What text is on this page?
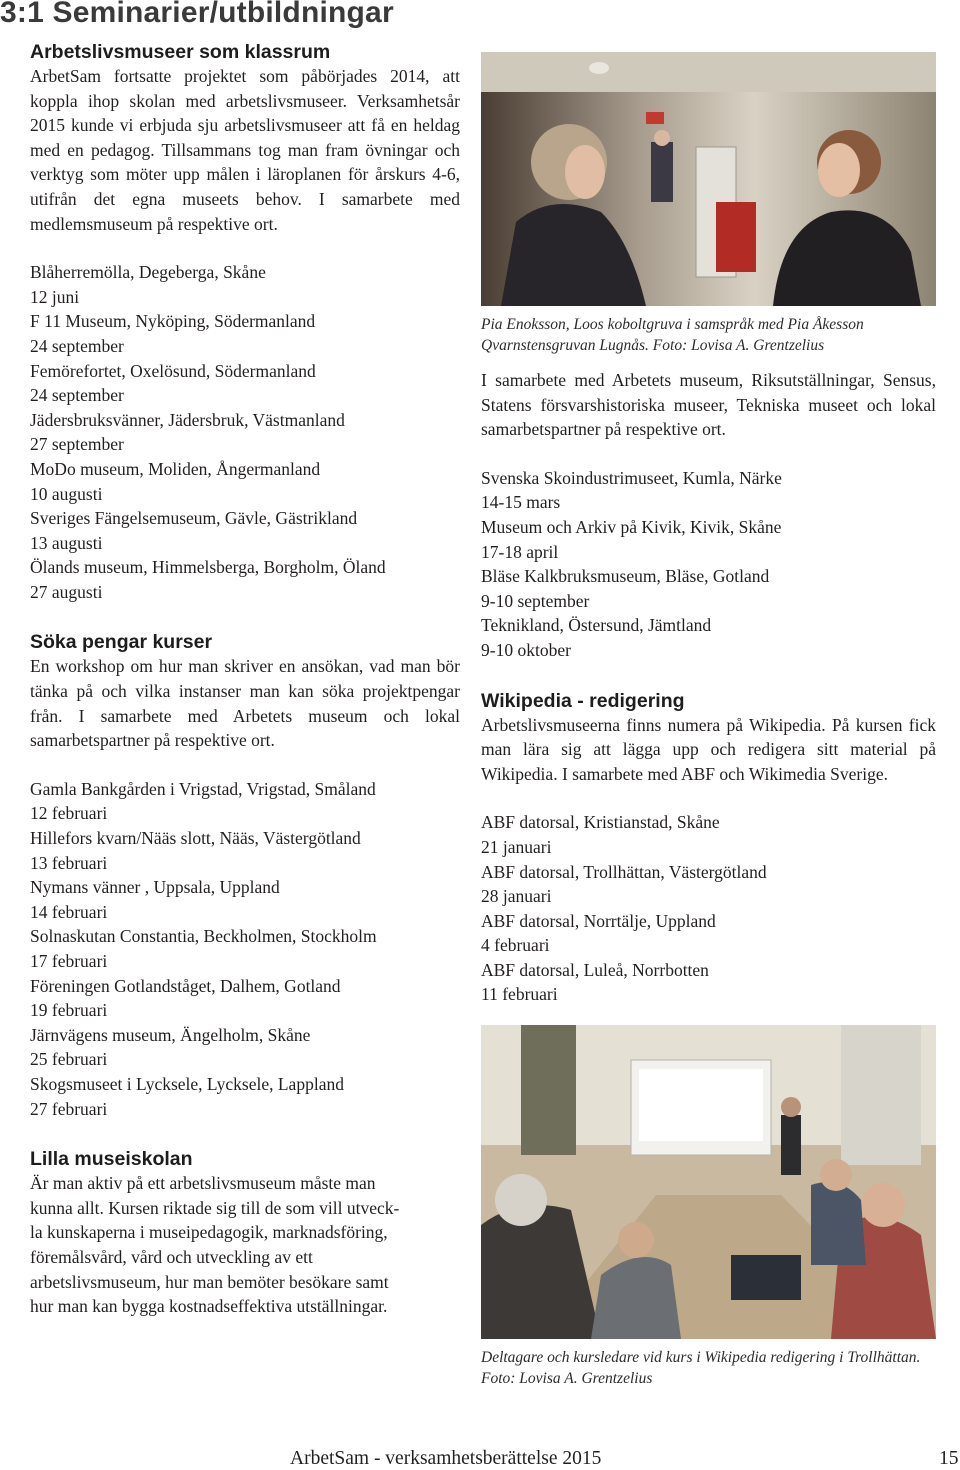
3:1 Seminarier/utbildningar
Arbetslivsmuseer som klassrum

ArbetSam fortsatte projektet som påbörjades 2014, att koppla ihop skolan med arbetslivsmuseer. Verksamhetsår 2015 kunde vi erbjuda sju arbetslivsmuseer att få en heldag med en pedagog. Tillsammans tog man fram övningar och verktyg som möter upp målen i läroplanen för årskurs 4-6, utifrån det egna museets behov. I samarbete med medlemsmuseum på respektive ort.

Blåherremölla, Degeberga, Skåne
12 juni
F 11 Museum, Nyköping, Södermanland
24 september
Femörefortet, Oxelösund, Södermanland
24 september
Jädersbruksvänner, Jädersbruk, Västmanland
27 september
MoDo museum, Moliden, Ångermanland
10 augusti
Sveriges Fängelsemuseum, Gävle, Gästrikland
13 augusti
Ölands museum, Himmelsberga, Borgholm, Öland
27 augusti
Söka pengar kurser

En workshop om hur man skriver en ansökan, vad man bör tänka på och vilka instanser man kan söka projektpengar från. I samarbete med Arbetets museum och lokal samarbetspartner på respektive ort.

Gamla Bankgården i Vrigstad, Vrigstad, Småland
12 februari
Hillefors kvarn/Nääs slott, Nääs, Västergötland
13 februari
Nymans vänner , Uppsala, Uppland
14 februari
Solnaskutan Constantia, Beckholmen, Stockholm
17 februari
Föreningen Gotlandståget, Dalhem, Gotland
19 februari
Järnvägens museum, Ängelholm, Skåne
25 februari
Skogsmuseet i Lycksele, Lycksele, Lappland
27 februari
Lilla museiskolan
Är man aktiv på ett arbetslivsmuseum måste man
kunna allt. Kursen riktade sig till de som vill utveck-
la kunskaperna i museipedagogik, marknadsföring,
föremålsvård, vård och utveckling av ett
arbetslivsmuseum, hur man bemöter besökare samt
hur man kan bygga kostnadseffektiva utställningar.
Pia Enoksson, Loos koboltgruva i samspråk med Pia Åkesson Qvarnstensgruvan Lugnås. Foto: Lovisa A. Grentzelius

I samarbete med Arbetets museum, Riksutställningar, Sensus, Statens försvarshistoriska museer, Tekniska museet och lokal samarbetspartner på respektive ort.

Svenska Skoindustrimuseet, Kumla, Närke
14-15 mars
Museum och Arkiv på Kivik, Kivik, Skåne
17-18 april
Bläse Kalkbruksmuseum, Bläse, Gotland
9-10 september
Teknikland, Östersund, Jämtland
9-10 oktober
Wikipedia - redigering

Arbetslivsmuseerna finns numera på Wikipedia. På kursen fick man lära sig att lägga upp och redigera sitt material på Wikipedia. I samarbete med ABF och Wikimedia Sverige.

ABF datorsal, Kristianstad, Skåne
21 januari
ABF datorsal, Trollhättan, Västergötland
28 januari
ABF datorsal, Norrtälje, Uppland
4 februari
ABF datorsal, Luleå, Norrbotten
11 februari
Deltagare och kursledare vid kurs i Wikipedia redigering i Trollhättan. Foto: Lovisa A. Grentzelius
ArbetSam - verksamhetsberättelse 2015	15
